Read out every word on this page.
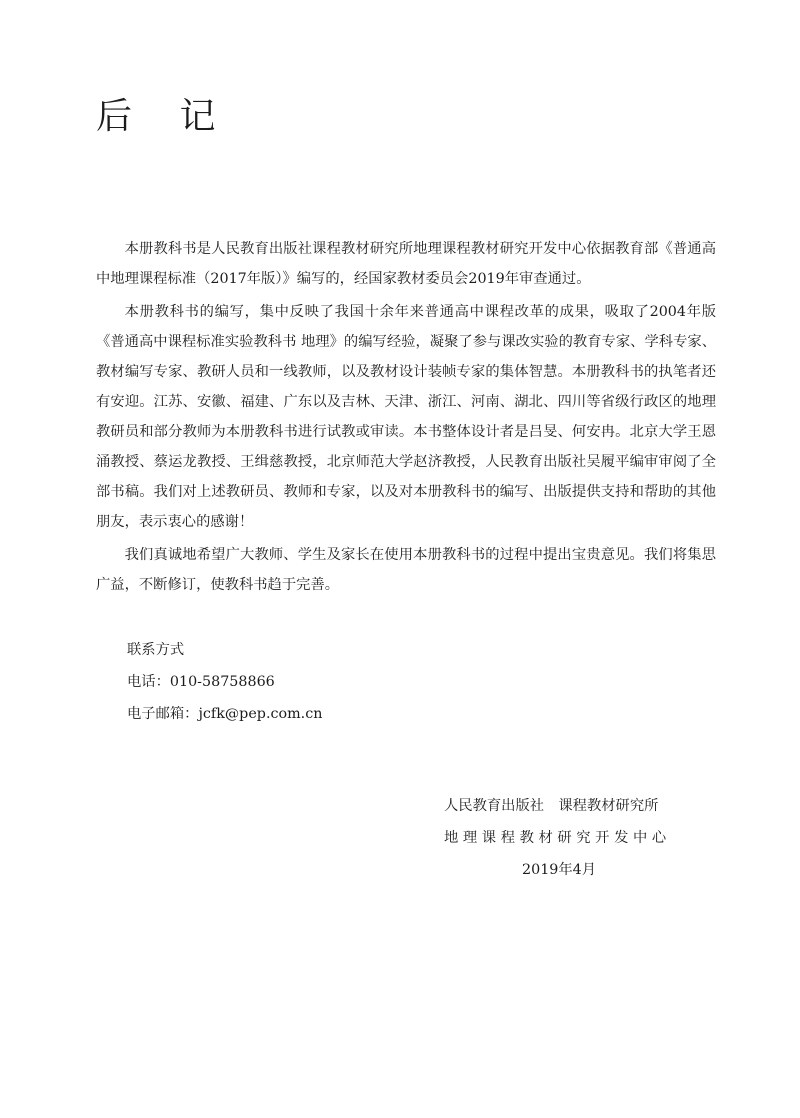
后 记

本册教科书是人民教育出版社课程教材研究所地理课程教材研究开发中心依据教育部《普通高中地理课程标准（2017年版）》编写的，经国家教材委员会2019年审查通过。

本册教科书的编写，集中反映了我国十余年来普通高中课程改革的成果，吸取了2004年版《普通高中课程标准实验教科书 地理》的编写经验，凝聚了参与课改实验的教育专家、学科专家、教材编写专家、教研人员和一线教师，以及教材设计装帧专家的集体智慧。本册教科书的执笔者还有安迎。江苏、安徽、福建、广东以及吉林、天津、浙江、河南、湖北、四川等省级行政区的地理教研员和部分教师为本册教科书进行试教或审读。本书整体设计者是吕旻、何安冉。北京大学王恩涌教授、蔡运龙教授、王缉慈教授，北京师范大学赵济教授，人民教育出版社吴履平编审审阅了全部书稿。我们对上述教研员、教师和专家，以及对本册教科书的编写、出版提供支持和帮助的其他朋友，表示衷心的感谢！

我们真诚地希望广大教师、学生及家长在使用本册教科书的过程中提出宝贵意见。我们将集思广益，不断修订，使教科书趋于完善。

联系方式
电话：010-58758866
电子邮箱：jcfk@pep.com.cn
人民教育出版社　课程教材研究所
地理课程教材研究开发中心
2019年4月
